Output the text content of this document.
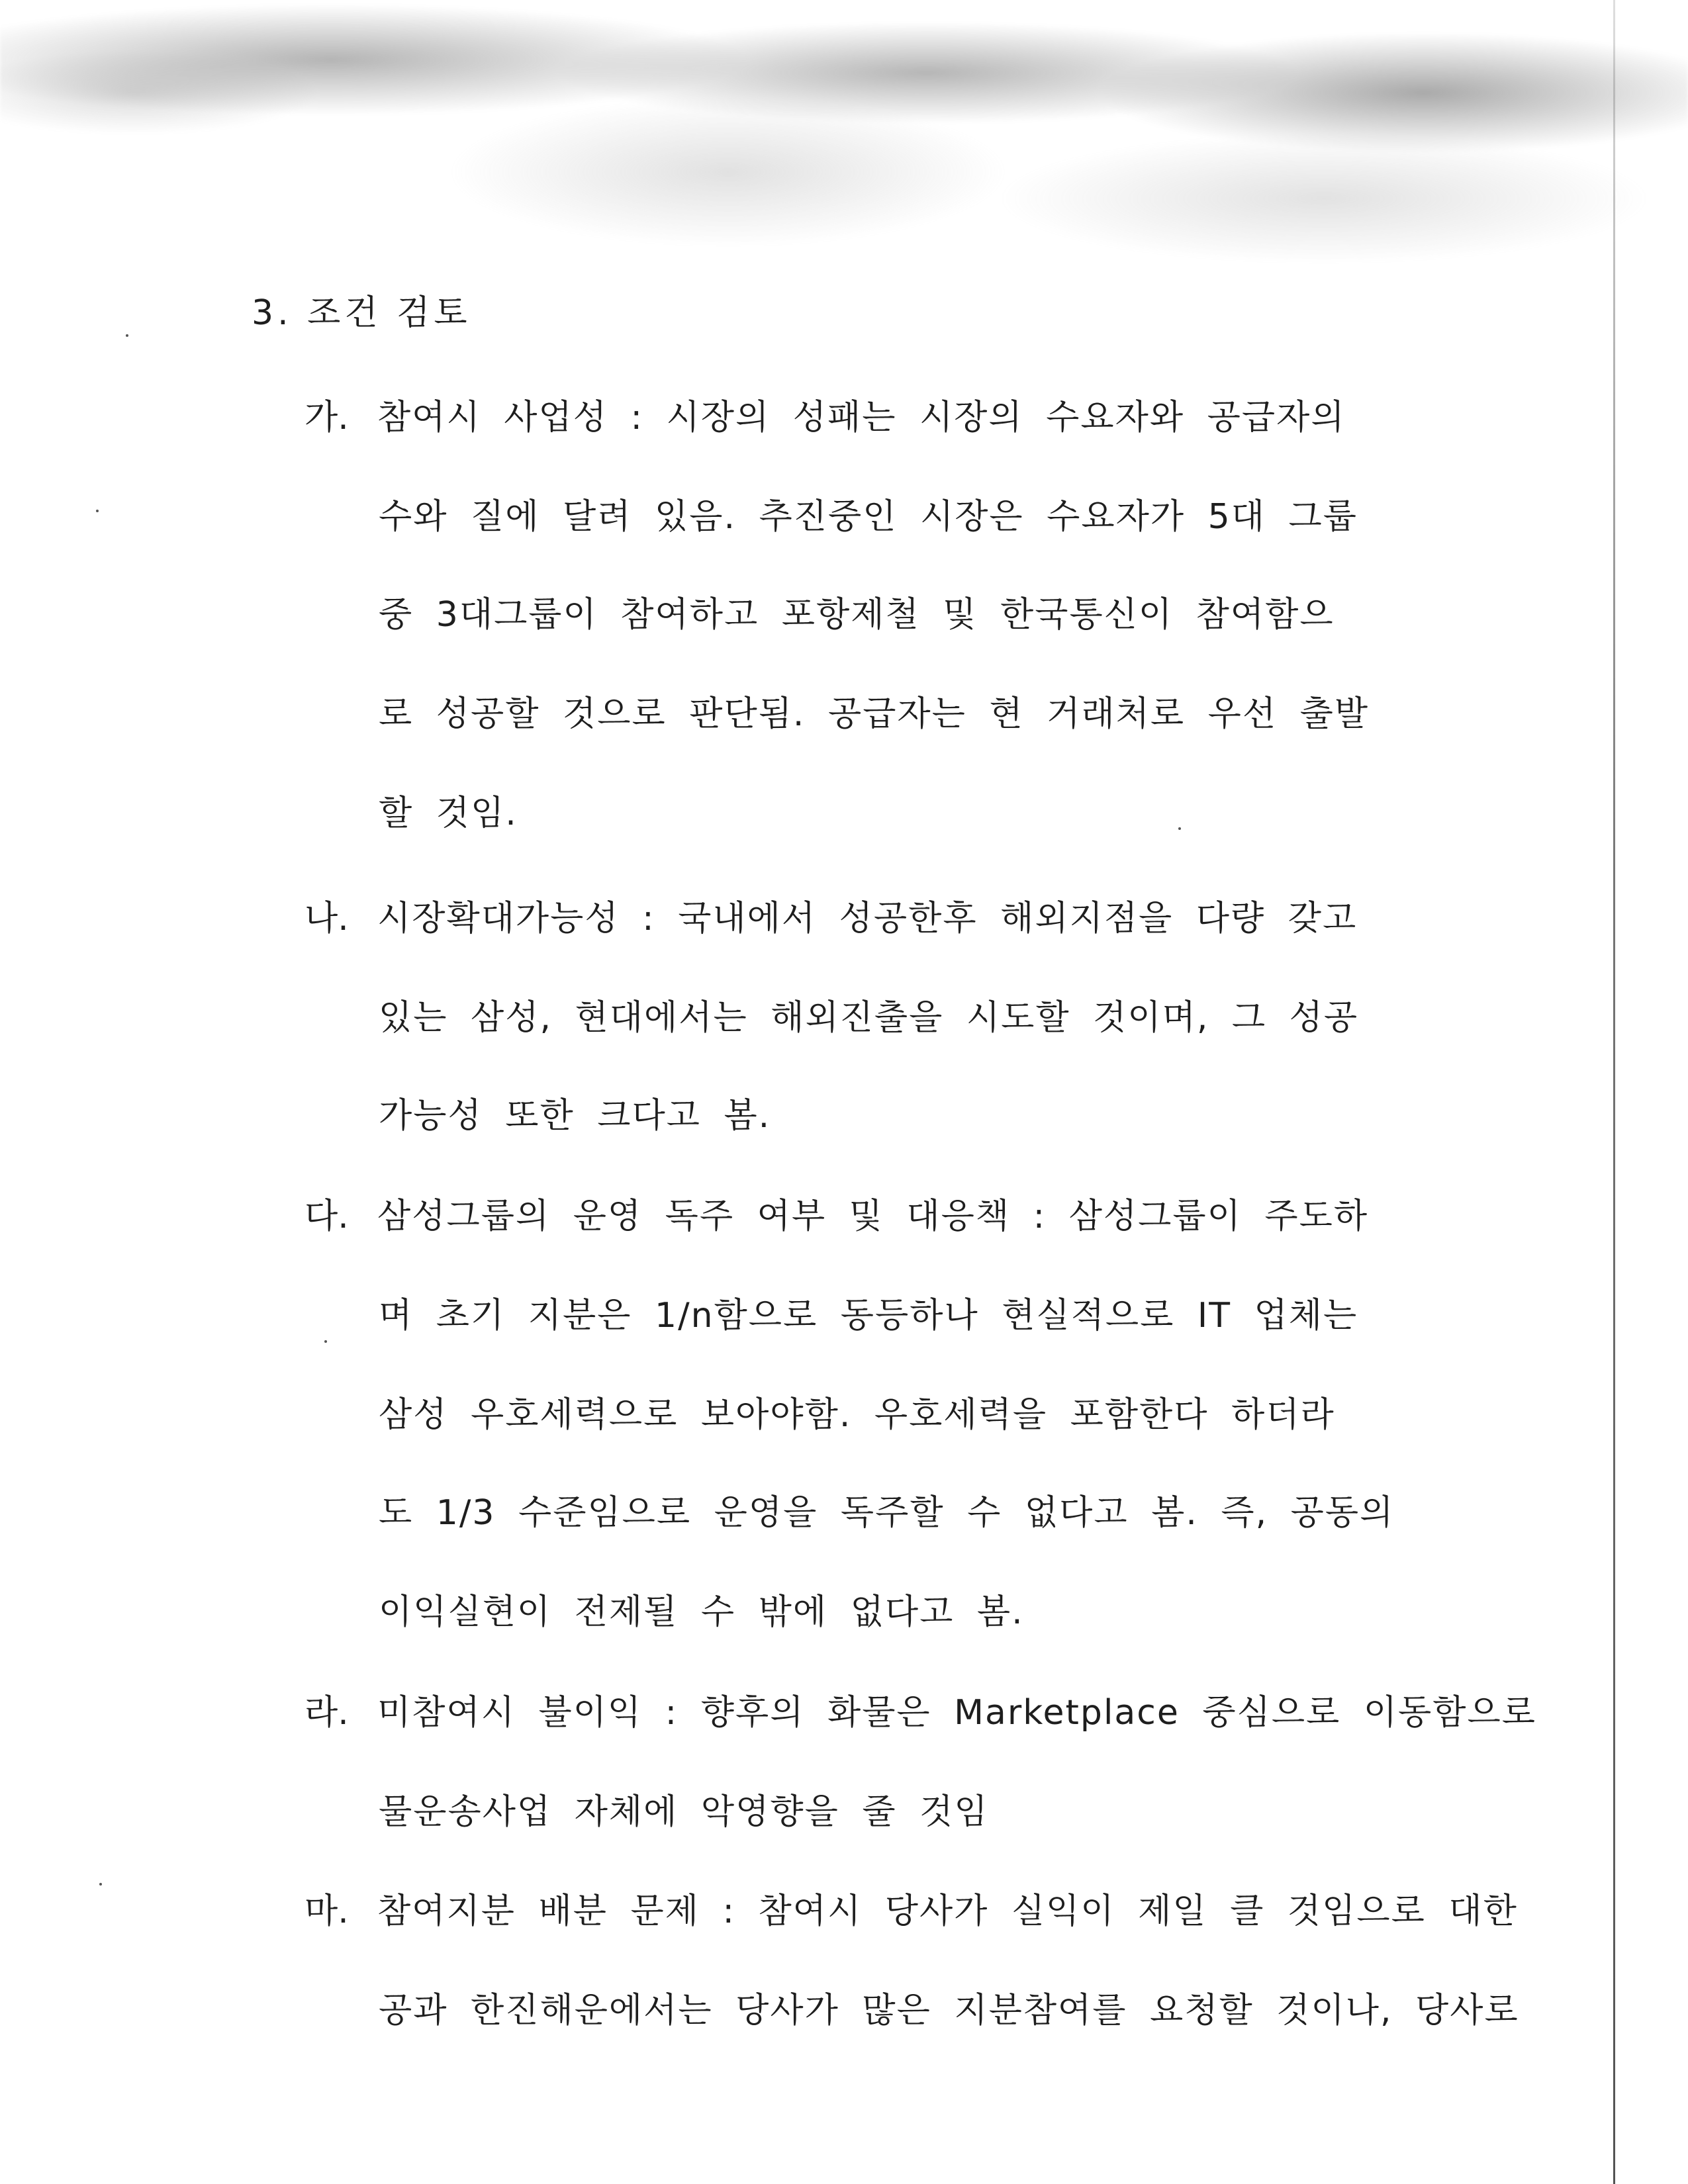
3. 조건 검토
가. 참여시 사업성 : 시장의 성패는 시장의 수요자와 공급자의
수와 질에 달려 있음. 추진중인 시장은 수요자가 5대 그룹
중 3대그룹이 참여하고 포항제철 및 한국통신이 참여함으
로 성공할 것으로 판단됨. 공급자는 현 거래처로 우선 출발
할 것임.
나. 시장확대가능성 : 국내에서 성공한후 해외지점을 다량 갖고
있는 삼성, 현대에서는 해외진출을 시도할 것이며, 그 성공
가능성 또한 크다고 봄.
다. 삼성그룹의 운영 독주 여부 및 대응책 : 삼성그룹이 주도하
며 초기 지분은 1/n함으로 동등하나 현실적으로 IT 업체는
삼성 우호세력으로 보아야함. 우호세력을 포함한다 하더라
도 1/3 수준임으로 운영을 독주할 수 없다고 봄. 즉, 공동의
이익실현이 전제될 수 밖에 없다고 봄.
라. 미참여시 불이익 : 향후의 화물은 Marketplace 중심으로 이동함으로
물운송사업 자체에 악영향을 줄 것임
마. 참여지분 배분 문제 : 참여시 당사가 실익이 제일 클 것임으로 대한
공과 한진해운에서는 당사가 많은 지분참여를 요청할 것이나, 당사로
